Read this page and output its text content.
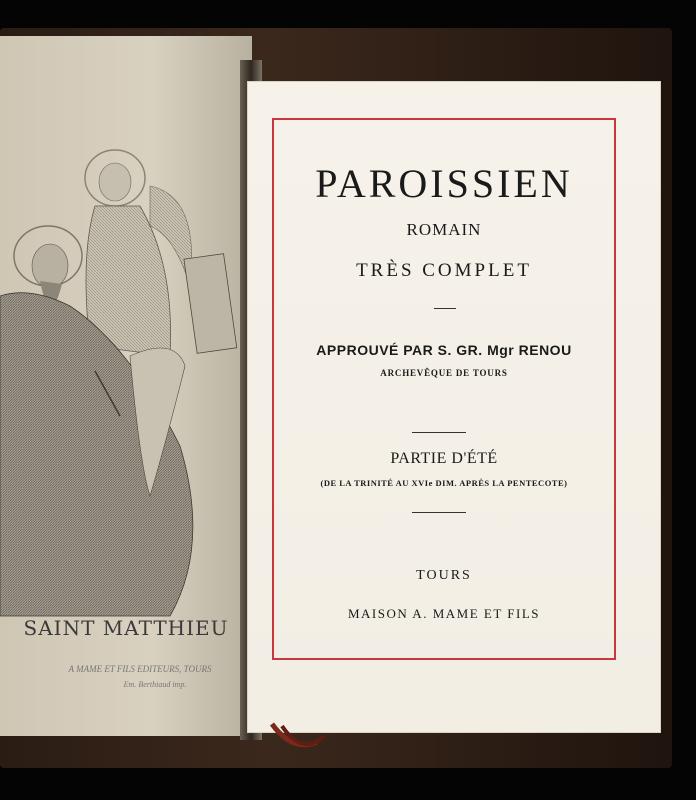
SAINT MATTHIEU
A MAME ET FILS EDITEURS, TOURS
Em. Berthiaud imp.
PAROISSIEN
ROMAIN
TRÈS COMPLET
APPROUVÉ PAR S. GR. Mgr RENOU
ARCHEVÊQUE DE TOURS
PARTIE D'ÉTÉ
(DE LA TRINITÉ AU XVIe DIM. APRÈS LA PENTECOTE)
TOURS
MAISON A. MAME ET FILS
